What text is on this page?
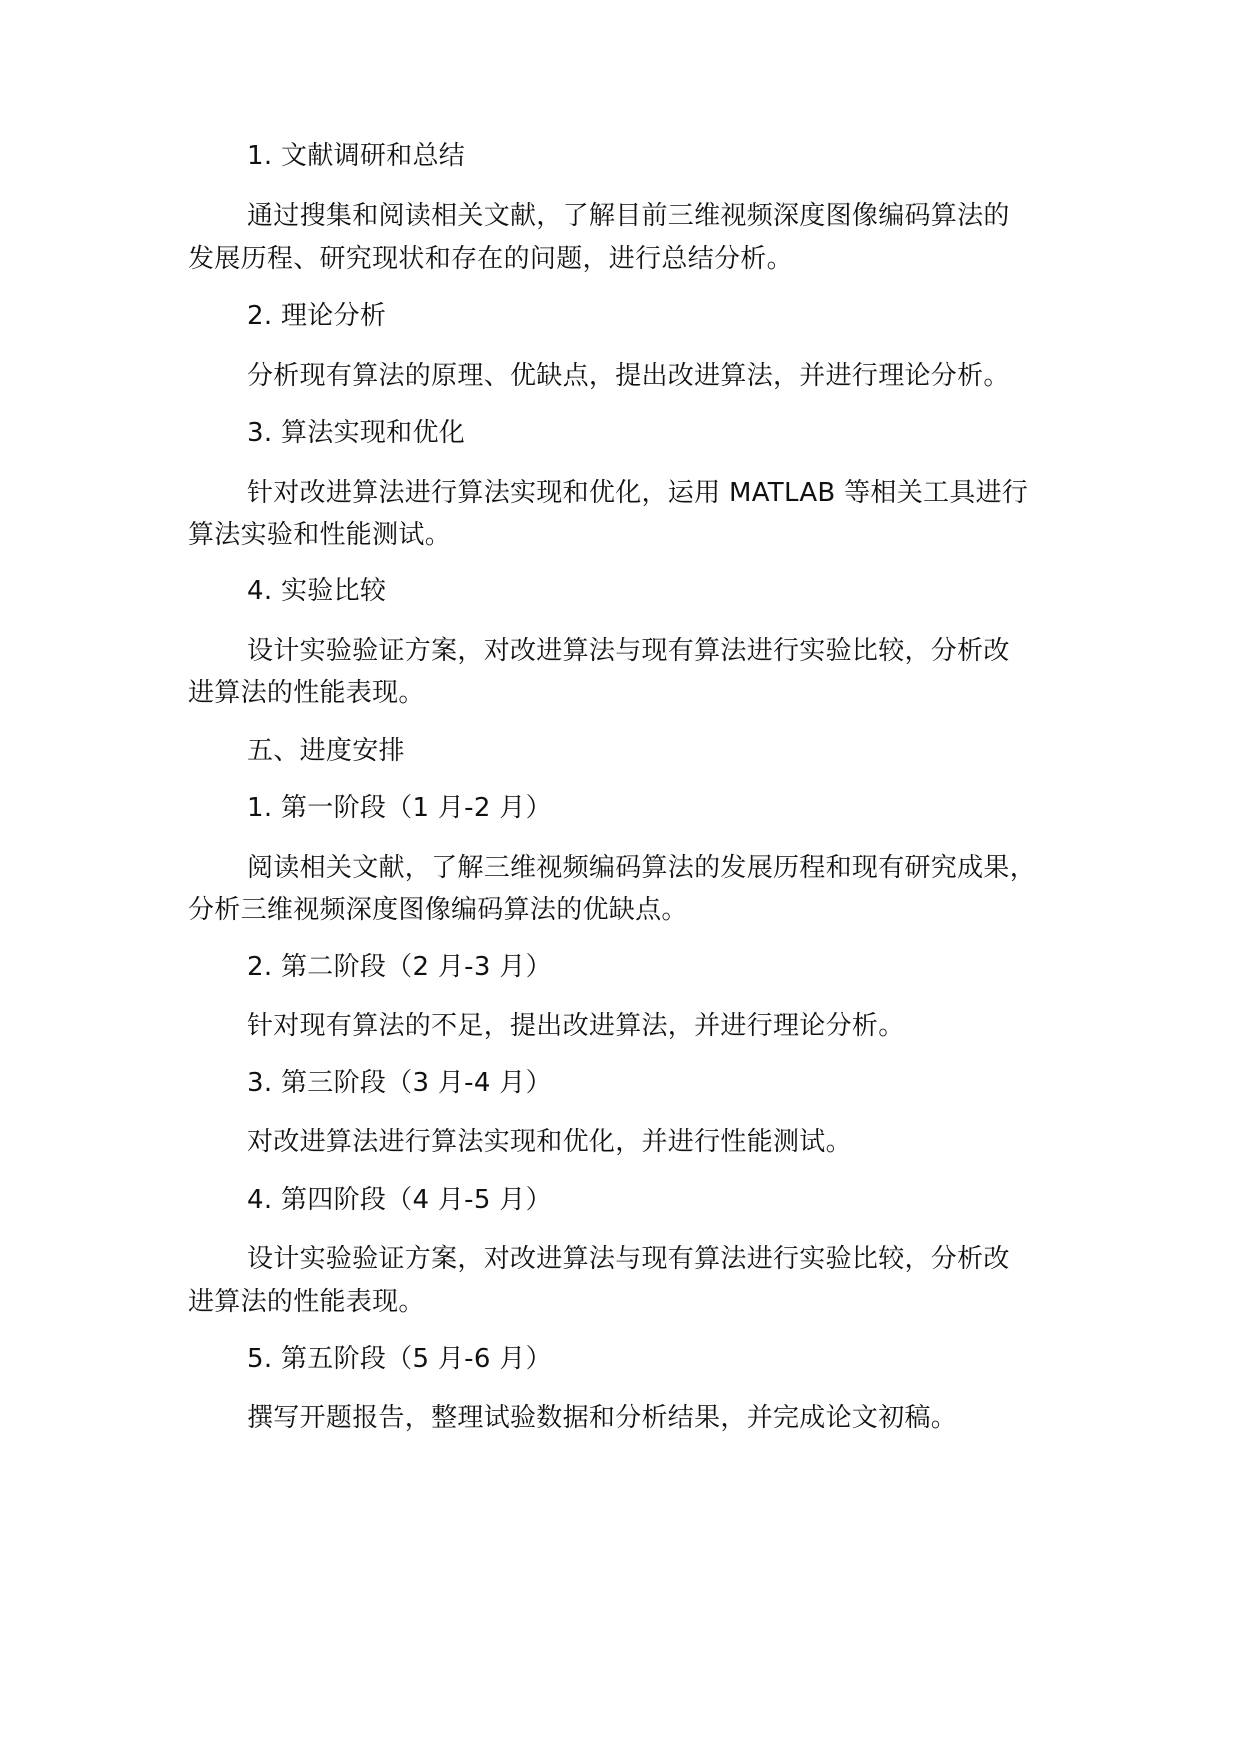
1. 文献调研和总结
通过搜集和阅读相关文献，了解目前三维视频深度图像编码算法的
发展历程、研究现状和存在的问题，进行总结分析。
2. 理论分析
分析现有算法的原理、优缺点，提出改进算法，并进行理论分析。
3. 算法实现和优化
针对改进算法进行算法实现和优化，运用 MATLAB 等相关工具进行
算法实验和性能测试。
4. 实验比较
设计实验验证方案，对改进算法与现有算法进行实验比较，分析改
进算法的性能表现。
五、进度安排
1. 第一阶段（1 月-2 月）
阅读相关文献，了解三维视频编码算法的发展历程和现有研究成果，
分析三维视频深度图像编码算法的优缺点。
2. 第二阶段（2 月-3 月）
针对现有算法的不足，提出改进算法，并进行理论分析。
3. 第三阶段（3 月-4 月）
对改进算法进行算法实现和优化，并进行性能测试。
4. 第四阶段（4 月-5 月）
设计实验验证方案，对改进算法与现有算法进行实验比较，分析改
进算法的性能表现。
5. 第五阶段（5 月-6 月）
撰写开题报告，整理试验数据和分析结果，并完成论文初稿。
